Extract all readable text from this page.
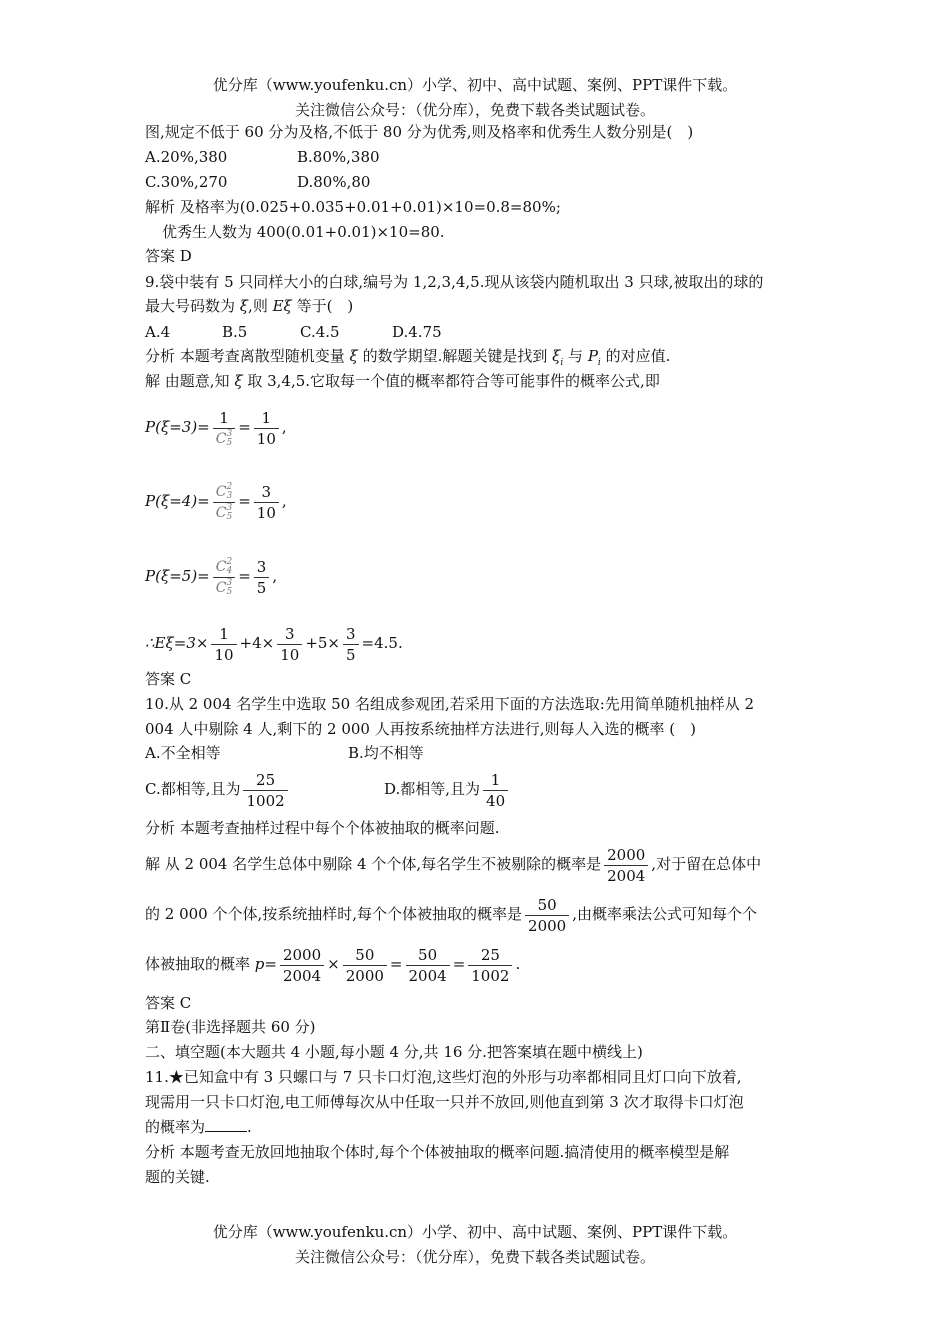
优分库（www.youfenku.cn）小学、初中、高中试题、案例、PPT课件下载。
关注微信公众号：（优分库），免费下载各类试题试卷。
图,规定不低于 60 分为及格,不低于 80 分为优秀,则及格率和优秀生人数分别是(　)
A.20%,380	B.80%,380
C.30%,270	D.80%,80
解析 及格率为(0.025+0.035+0.01+0.01)×10=0.8=80%;
优秀生人数为 400(0.01+0.01)×10=80.
答案 D
9.袋中装有 5 只同样大小的白球,编号为 1,2,3,4,5.现从该袋内随机取出 3 只球,被取出的球的
最大号码数为 ξ,则 Eξ 等于(　)
A.4	B.5	C.4.5	D.4.75
分析 本题考查离散型随机变量 ξ 的数学期望.解题关键是找到 $\xi_i$ 与 $P_i$ 的对应值.
解 由题意,知 ξ 取 3,4,5.它取每一个值的概率都符合等可能事件的概率公式,即
P(ξ=3)= 1
C 3
$5 = \frac{1}{10}$ ,
P(ξ=4)= C 2
3
C 3
$5 = \frac{3}{10}$ ,
P(ξ=5)= C 2
4
C 3
$5 = \frac{3}{5}$ ,
∴Eξ=3× $\frac{1}{10} +4\times \frac{3}{10} +5\times \frac{3}{5} =4.5$.
答案 C
10.从 2 004 名学生中选取 50 名组成参观团,若采用下面的方法选取:先用简单随机抽样从 2
004 人中剔除 4 人,剩下的 2 000 人再按系统抽样方法进行,则每人入选的概率 (　)
A.不全相等	B.均不相等
C.都相等,且为 $\frac{25}{1002}$	D.都相等,且为 $\frac{1}{40}$
分析 本题考查抽样过程中每个个体被抽取的概率问题.
解 从 2 004 名学生总体中剔除 4 个个体,每名学生不被剔除的概率是 $\frac{2000}{2004}$ ,对于留在总体中
的 2 000 个个体,按系统抽样时,每个个体被抽取的概率是 $\frac{50}{2000}$ ,由概率乘法公式可知每个个
体被抽取的概率 $p= \frac{2000}{2004} \times \frac{50}{2000} = \frac{50}{2004} = \frac{25}{1002}$ .
答案 C
第Ⅱ卷(非选择题共 60 分)
二、填空题(本大题共 4 小题,每小题 4 分,共 16 分.把答案填在题中横线上)
11.★已知盒中有 3 只螺口与 7 只卡口灯泡,这些灯泡的外形与功率都相同且灯口向下放着,
现需用一只卡口灯泡,电工师傅每次从中任取一只并不放回,则他直到第 3 次才取得卡口灯泡
的概率为	.
分析 本题考查无放回地抽取个体时,每个个体被抽取的概率问题.搞清使用的概率模型是解
题的关键.
优分库（www.youfenku.cn）小学、初中、高中试题、案例、PPT课件下载。
关注微信公众号：（优分库），免费下载各类试题试卷。
